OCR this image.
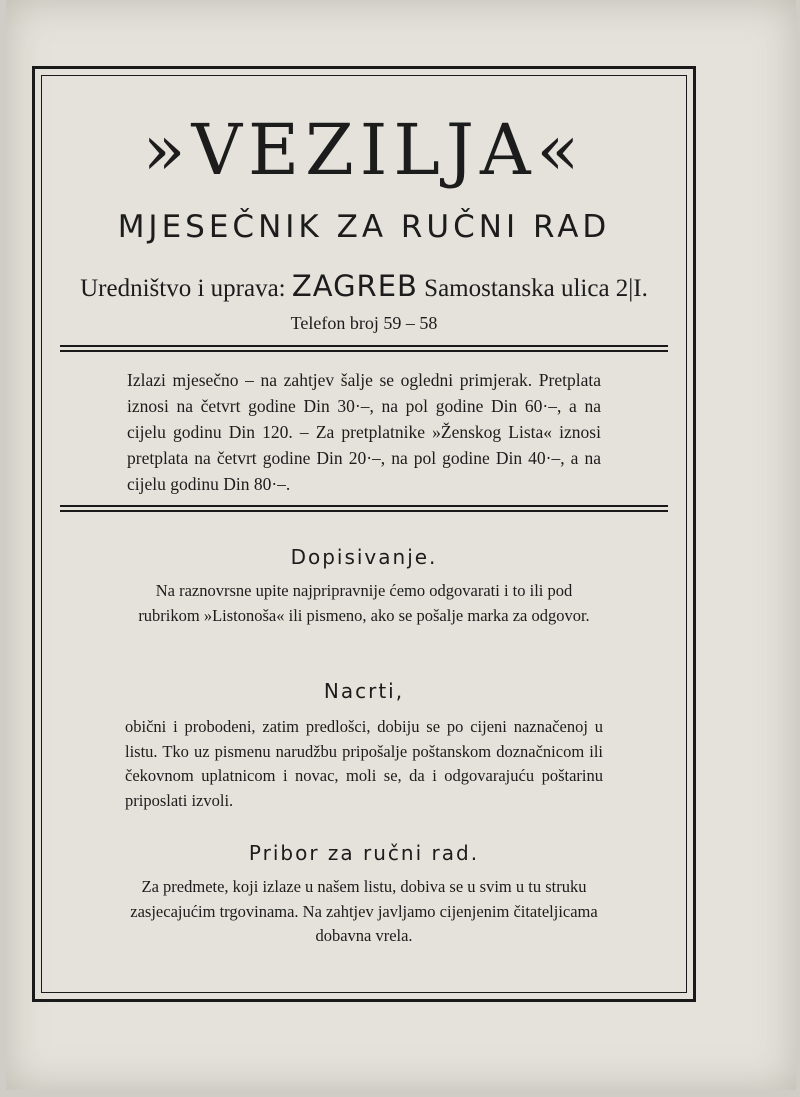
»VEZILJA«
MJESEČNIK ZA RUČNI RAD
Uredništvo i uprava: ZAGREB Samostanska ulica 2|I.
Telefon broj 59 – 58

Izlazi mjesečno – na zahtjev šalje se ogledni primjerak. Pretplata iznosi na četvrt godine Din 30·–, na pol godine Din 60·–, a na cijelu godinu Din 120. – Za pretplatnike »Ženskog Lista« iznosi pretplata na četvrt godine Din 20·–, na pol godine Din 40·–, a na cijelu godinu Din 80·–.

Dopisivanje.
Na raznovrsne upite najpripravnije ćemo odgovarati i to ili pod rubrikom »Listonoša« ili pismeno, ako se pošalje marka za odgovor.
Nacrti,
obični i probodeni, zatim predlošci, dobiju se po cijeni naznačenoj u listu. Tko uz pismenu narudžbu pripošalje poštanskom doznačnicom ili čekovnom uplatnicom i novac, moli se, da i odgovarajuću poštarinu priposlati izvoli.
Pribor za ručni rad.
Za predmete, koji izlaze u našem listu, dobiva se u svim u tu struku zasjecajućim trgovinama. Na zahtjev javljamo cijenjenim čitateljicama dobavna vrela.
